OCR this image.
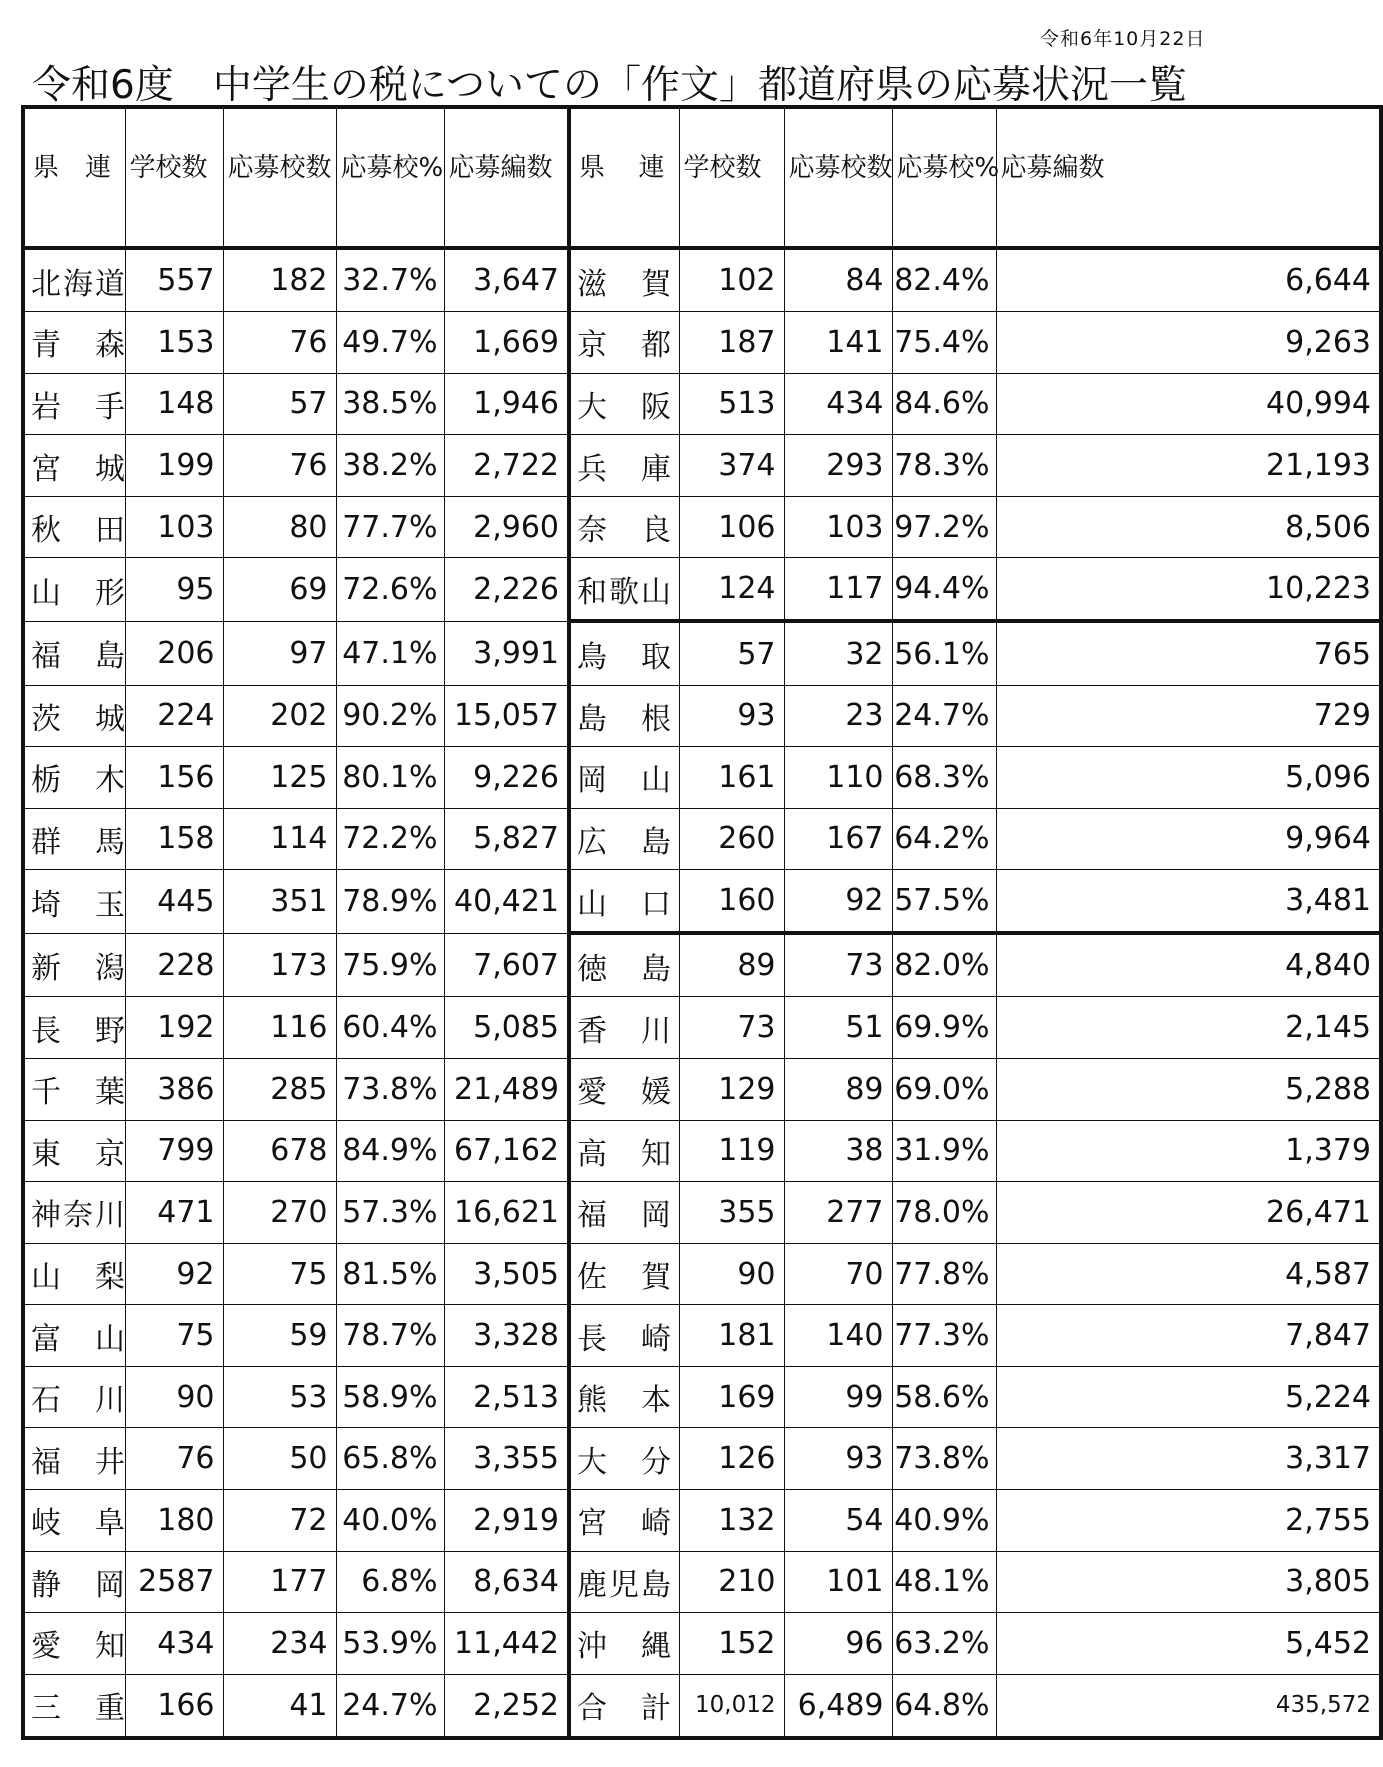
令和6年10月22日
令和6度　中学生の税についての「作文」都道府県の応募状況一覧
県　連	学校数	応募校数	応募校%	応募編数	県　連	学校数	応募校数	応募校%	応募編数
北海道	557	182	32.7%	3,647	滋　賀	102	84	82.4%	6,644
青　森	153	76	49.7%	1,669	京　都	187	141	75.4%	9,263
岩　手	148	57	38.5%	1,946	大　阪	513	434	84.6%	40,994
宮　城	199	76	38.2%	2,722	兵　庫	374	293	78.3%	21,193
秋　田	103	80	77.7%	2,960	奈　良	106	103	97.2%	8,506
山　形	95	69	72.6%	2,226	和歌山	124	117	94.4%	10,223
福　島	206	97	47.1%	3,991	鳥　取	57	32	56.1%	765
茨　城	224	202	90.2%	15,057	島　根	93	23	24.7%	729
栃　木	156	125	80.1%	9,226	岡　山	161	110	68.3%	5,096
群　馬	158	114	72.2%	5,827	広　島	260	167	64.2%	9,964
埼　玉	445	351	78.9%	40,421	山　口	160	92	57.5%	3,481
新　潟	228	173	75.9%	7,607	徳　島	89	73	82.0%	4,840
長　野	192	116	60.4%	5,085	香　川	73	51	69.9%	2,145
千　葉	386	285	73.8%	21,489	愛　媛	129	89	69.0%	5,288
東　京	799	678	84.9%	67,162	高　知	119	38	31.9%	1,379
神奈川	471	270	57.3%	16,621	福　岡	355	277	78.0%	26,471
山　梨	92	75	81.5%	3,505	佐　賀	90	70	77.8%	4,587
富　山	75	59	78.7%	3,328	長　崎	181	140	77.3%	7,847
石　川	90	53	58.9%	2,513	熊　本	169	99	58.6%	5,224
福　井	76	50	65.8%	3,355	大　分	126	93	73.8%	3,317
岐　阜	180	72	40.0%	2,919	宮　崎	132	54	40.9%	2,755
静　岡	2587	177	6.8%	8,634	鹿児島	210	101	48.1%	3,805
愛　知	434	234	53.9%	11,442	沖　縄	152	96	63.2%	5,452
三　重	166	41	24.7%	2,252	合　計	10,012	6,489	64.8%	435,572
